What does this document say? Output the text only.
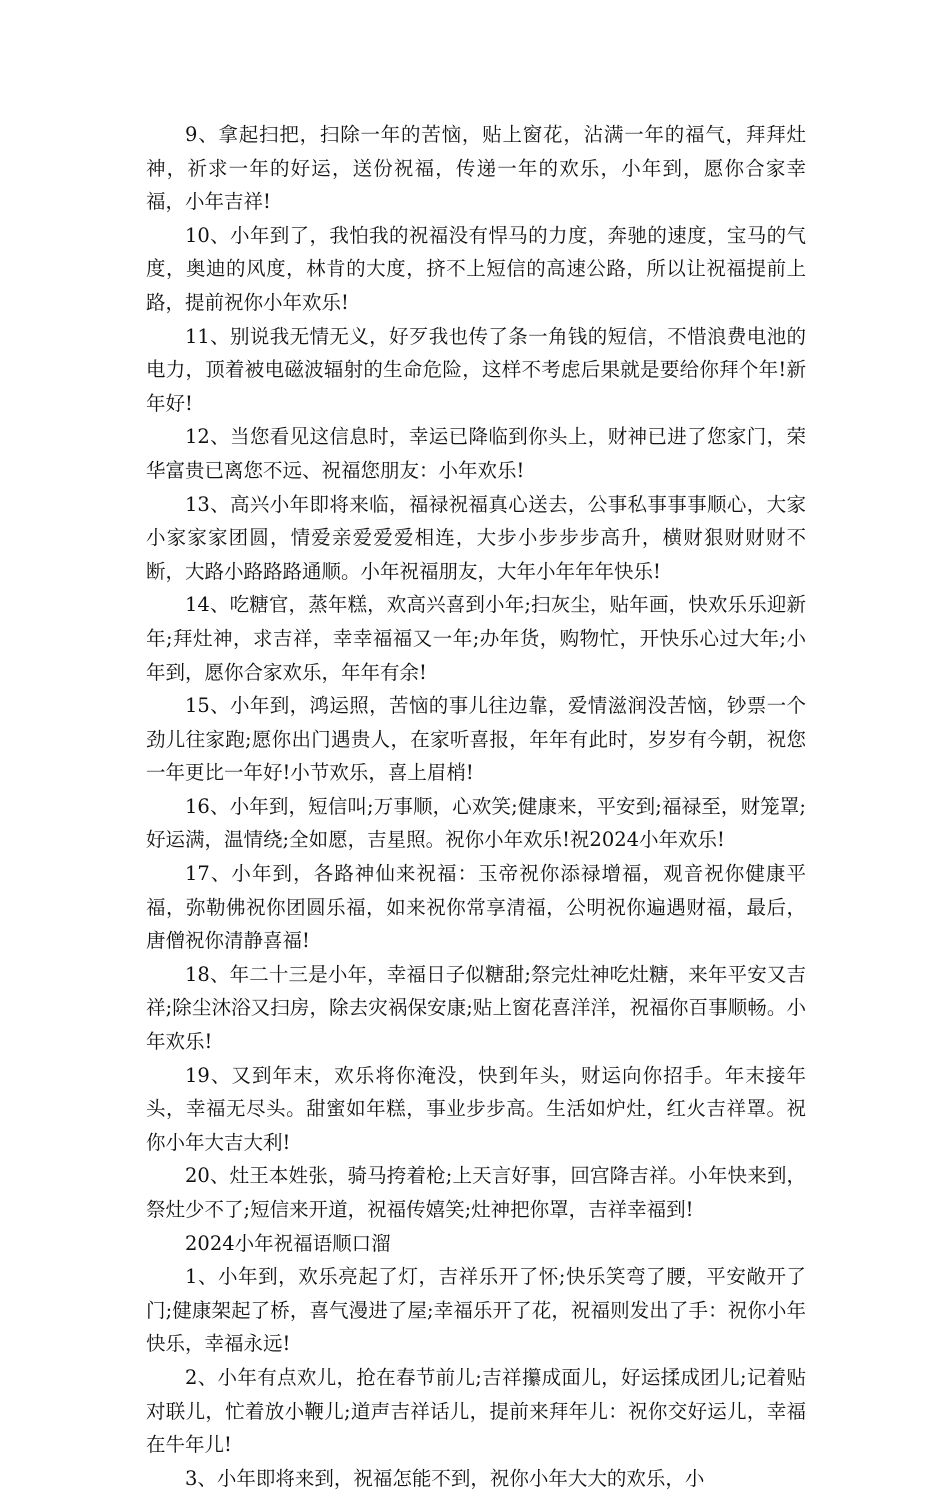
9、拿起扫把，扫除一年的苦恼，贴上窗花，沾满一年的福气，拜拜灶神，祈求一年的好运，送份祝福，传递一年的欢乐，小年到，愿你合家幸福，小年吉祥!

10、小年到了，我怕我的祝福没有悍马的力度，奔驰的速度，宝马的气度，奥迪的风度，林肯的大度，挤不上短信的高速公路，所以让祝福提前上路，提前祝你小年欢乐!

11、别说我无情无义，好歹我也传了条一角钱的短信，不惜浪费电池的电力，顶着被电磁波辐射的生命危险，这样不考虑后果就是要给你拜个年!新年好!

12、当您看见这信息时，幸运已降临到你头上，财神已进了您家门，荣华富贵已离您不远、祝福您朋友：小年欢乐!

13、高兴小年即将来临，福禄祝福真心送去，公事私事事事顺心，大家小家家家团圆，情爱亲爱爱爱相连，大步小步步步高升，横财狠财财财不断，大路小路路路通顺。小年祝福朋友，大年小年年年快乐!

14、吃糖官，蒸年糕，欢高兴喜到小年;扫灰尘，贴年画，快欢乐乐迎新年;拜灶神，求吉祥，幸幸福福又一年;办年货，购物忙，开快乐心过大年;小年到，愿你合家欢乐，年年有余!

15、小年到，鸿运照，苦恼的事儿往边靠，爱情滋润没苦恼，钞票一个劲儿往家跑;愿你出门遇贵人，在家听喜报，年年有此时，岁岁有今朝，祝您一年更比一年好!小节欢乐，喜上眉梢!

16、小年到，短信叫;万事顺，心欢笑;健康来，平安到;福禄至，财笼罩;好运满，温情绕;全如愿，吉星照。祝你小年欢乐!祝2024小年欢乐!

17、小年到，各路神仙来祝福：玉帝祝你添禄增福，观音祝你健康平福，弥勒佛祝你团圆乐福，如来祝你常享清福，公明祝你遍遇财福，最后，唐僧祝你清静喜福!

18、年二十三是小年，幸福日子似糖甜;祭完灶神吃灶糖，来年平安又吉祥;除尘沐浴又扫房，除去灾祸保安康;贴上窗花喜洋洋，祝福你百事顺畅。小年欢乐!

19、又到年末，欢乐将你淹没，快到年头，财运向你招手。年末接年头，幸福无尽头。甜蜜如年糕，事业步步高。生活如炉灶，红火吉祥罩。祝你小年大吉大利!

20、灶王本姓张，骑马挎着枪;上天言好事，回宫降吉祥。小年快来到，祭灶少不了;短信来开道，祝福传嬉笑;灶神把你罩，吉祥幸福到!

2024小年祝福语顺口溜

1、小年到，欢乐亮起了灯，吉祥乐开了怀;快乐笑弯了腰，平安敞开了门;健康架起了桥，喜气漫进了屋;幸福乐开了花，祝福则发出了手：祝你小年快乐，幸福永远!

2、小年有点欢儿，抢在春节前儿;吉祥攥成面儿，好运揉成团儿;记着贴对联儿，忙着放小鞭儿;道声吉祥话儿，提前来拜年儿：祝你交好运儿，幸福在牛年儿!

3、小年即将来到，祝福怎能不到，祝你小年大大的欢乐，小
